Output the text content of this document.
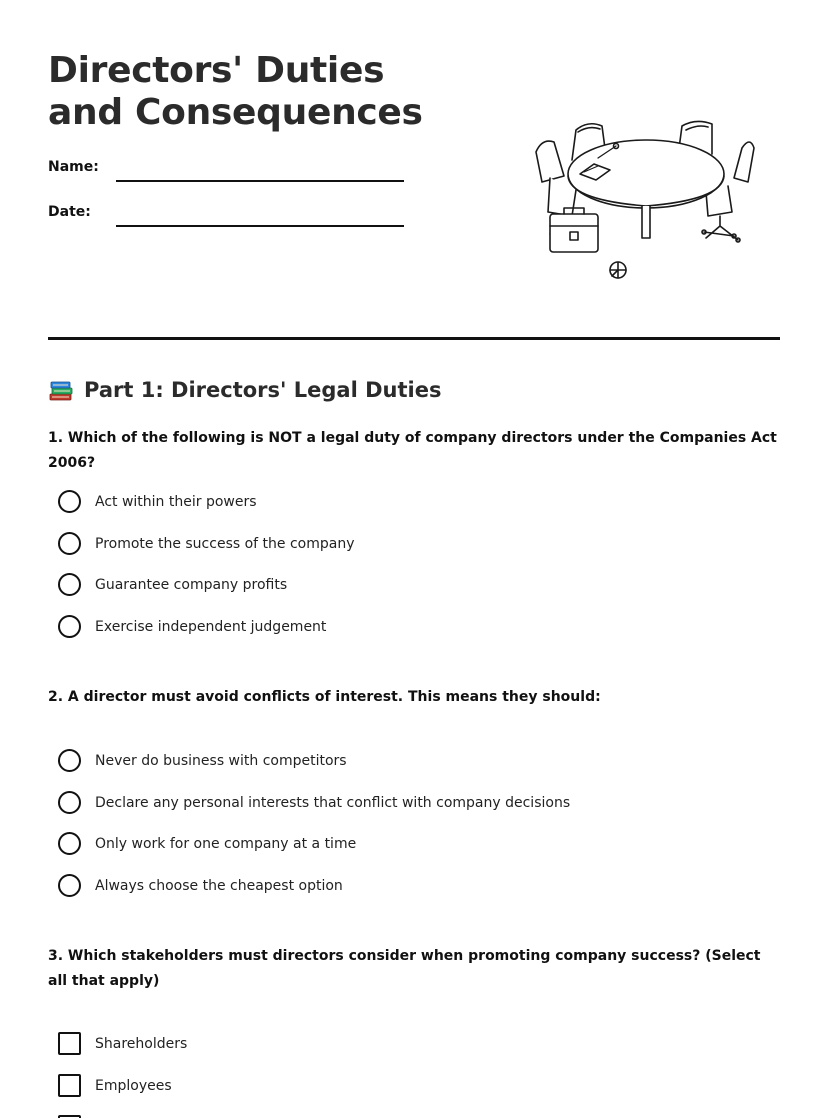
Directors' Duties and Consequences
Name:
Date:
Part 1: Directors' Legal Duties

1. Which of the following is NOT a legal duty of company directors under the Companies Act 2006?

Act within their powers
Promote the success of the company
Guarantee company profits
Exercise independent judgement

2. A director must avoid conflicts of interest. This means they should:

Never do business with competitors
Declare any personal interests that conflict with company decisions
Only work for one company at a time
Always choose the cheapest option

3. Which stakeholders must directors consider when promoting company success? (Select all that apply)

Shareholders
Employees
